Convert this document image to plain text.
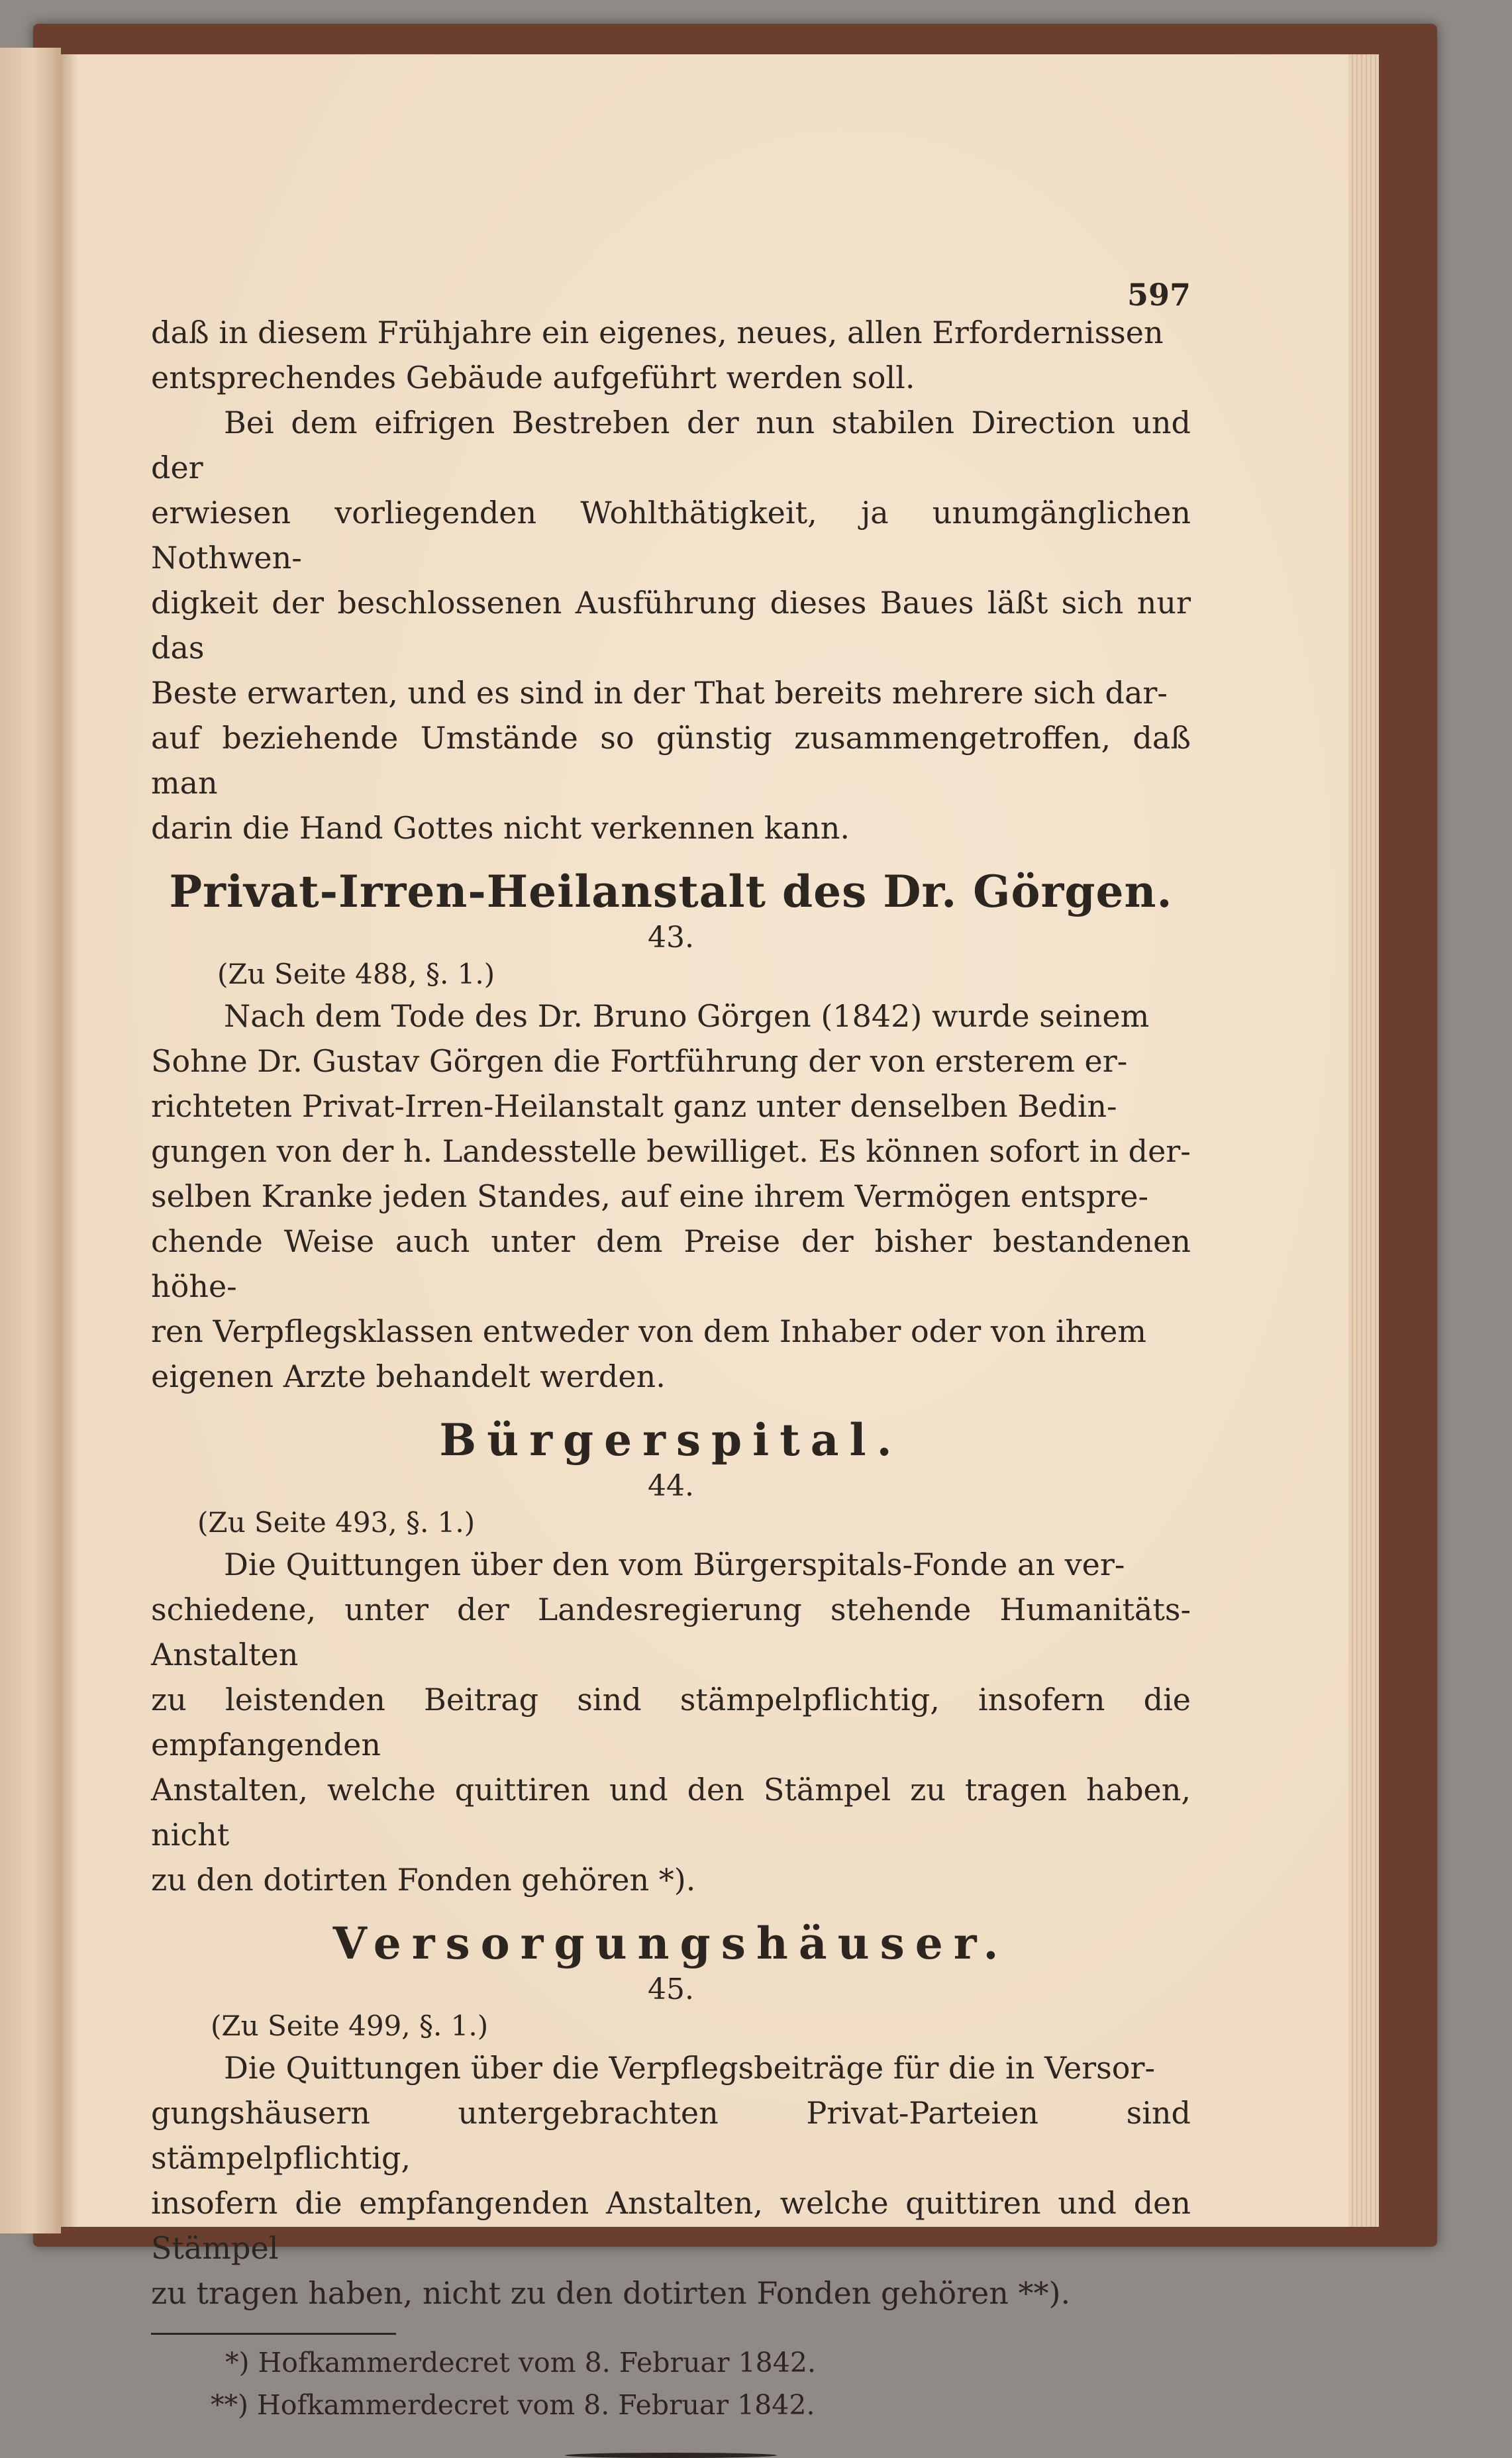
597

daß in diesem Frühjahre ein eigenes, neues, allen Erfordernissen

entsprechendes Gebäude aufgeführt werden soll.

Bei dem eifrigen Bestreben der nun stabilen Direction und der

erwiesen vorliegenden Wohlthätigkeit, ja unumgänglichen Nothwen-

digkeit der beschlossenen Ausführung dieses Baues läßt sich nur das

Beste erwarten, und es sind in der That bereits mehrere sich dar-

auf beziehende Umstände so günstig zusammengetroffen, daß man

darin die Hand Gottes nicht verkennen kann.

Privat-Irren-Heilanstalt des Dr. Görgen.

43.

(Zu Seite 488, §. 1.)

Nach dem Tode des Dr. Bruno Görgen (1842) wurde seinem

Sohne Dr. Gustav Görgen die Fortführung der von ersterem er-

richteten Privat-Irren-Heilanstalt ganz unter denselben Bedin-

gungen von der h. Landesstelle bewilliget. Es können sofort in der-

selben Kranke jeden Standes, auf eine ihrem Vermögen entspre-

chende Weise auch unter dem Preise der bisher bestandenen höhe-

ren Verpflegsklassen entweder von dem Inhaber oder von ihrem

eigenen Arzte behandelt werden.

Bürgerspital.

44.

(Zu Seite 493, §. 1.)

Die Quittungen über den vom Bürgerspitals-Fonde an ver-

schiedene, unter der Landesregierung stehende Humanitäts-Anstalten

zu leistenden Beitrag sind stämpelpflichtig, insofern die empfangenden

Anstalten, welche quittiren und den Stämpel zu tragen haben, nicht

zu den dotirten Fonden gehören *).

Versorgungshäuser.

45.

(Zu Seite 499, §. 1.)

Die Quittungen über die Verpflegsbeiträge für die in Versor-

gungshäusern untergebrachten Privat-Parteien sind stämpelpflichtig,

insofern die empfangenden Anstalten, welche quittiren und den Stämpel

zu tragen haben, nicht zu den dotirten Fonden gehören **).

*) Hofkammerdecret vom 8. Februar 1842.

**) Hofkammerdecret vom 8. Februar 1842.
